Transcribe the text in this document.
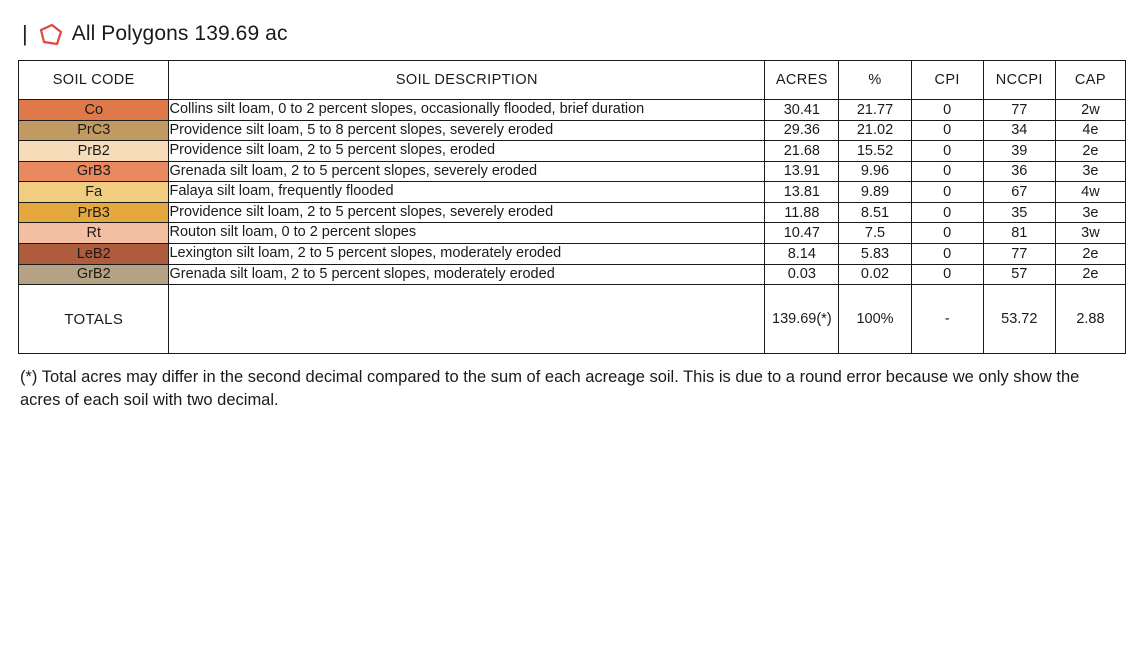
| All Polygons 139.69 ac
SOIL CODE	SOIL DESCRIPTION	ACRES	%	CPI	NCCPI	CAP
Co	Collins silt loam, 0 to 2 percent slopes, occasionally flooded, brief duration	30.41	21.77	0	77	2w
PrC3	Providence silt loam, 5 to 8 percent slopes, severely eroded	29.36	21.02	0	34	4e
PrB2	Providence silt loam, 2 to 5 percent slopes, eroded	21.68	15.52	0	39	2e
GrB3	Grenada silt loam, 2 to 5 percent slopes, severely eroded	13.91	9.96	0	36	3e
Fa	Falaya silt loam, frequently flooded	13.81	9.89	0	67	4w
PrB3	Providence silt loam, 2 to 5 percent slopes, severely eroded	11.88	8.51	0	35	3e
Rt	Routon silt loam, 0 to 2 percent slopes	10.47	7.5	0	81	3w
LeB2	Lexington silt loam, 2 to 5 percent slopes, moderately eroded	8.14	5.83	0	77	2e
GrB2	Grenada silt loam, 2 to 5 percent slopes, moderately eroded	0.03	0.02	0	57	2e
TOTALS		139.69(*)	100%	-	53.72	2.88
(*) Total acres may differ in the second decimal compared to the sum of each acreage soil. This is due to a round error because we only show the acres of each soil with two decimal.
